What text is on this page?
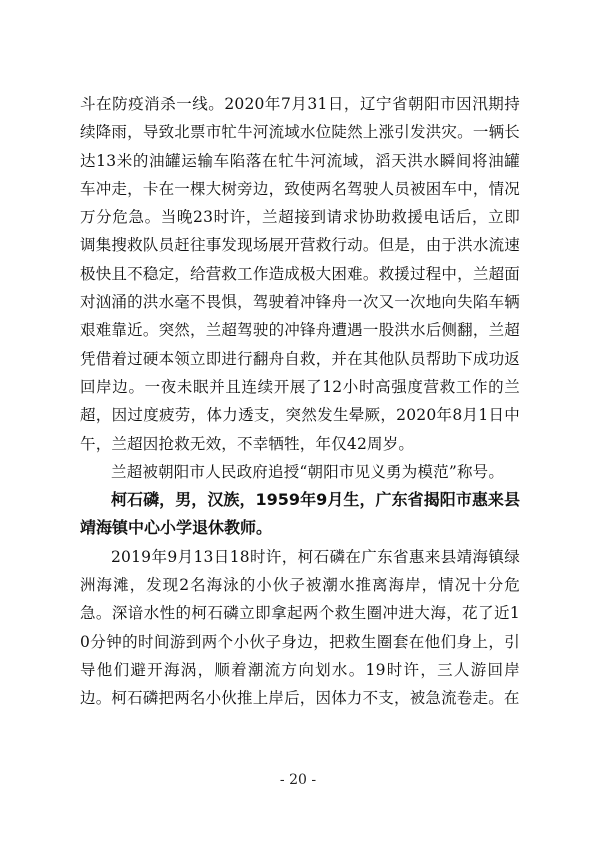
斗在防疫消杀一线。2020年7月31日，辽宁省朝阳市因汛期持续降雨，导致北票市牤牛河流域水位陡然上涨引发洪灾。一辆长达13米的油罐运输车陷落在牤牛河流域，滔天洪水瞬间将油罐车冲走，卡在一棵大树旁边，致使两名驾驶人员被困车中，情况万分危急。当晚23时许，兰超接到请求协助救援电话后，立即调集搜救队员赶往事发现场展开营救行动。但是，由于洪水流速极快且不稳定，给营救工作造成极大困难。救援过程中，兰超面对汹涌的洪水毫不畏惧，驾驶着冲锋舟一次又一次地向失陷车辆艰难靠近。突然，兰超驾驶的冲锋舟遭遇一股洪水后侧翻，兰超凭借着过硬本领立即进行翻舟自救，并在其他队员帮助下成功返回岸边。一夜未眠并且连续开展了12小时高强度营救工作的兰超，因过度疲劳，体力透支，突然发生晕厥，2020年8月1日中午，兰超因抢救无效，不幸牺牲，年仅42周岁。

兰超被朝阳市人民政府追授“朝阳市见义勇为模范”称号。

柯石磷，男，汉族，1959年9月生，广东省揭阳市惠来县靖海镇中心小学退休教师。

2019年9月13日18时许，柯石磷在广东省惠来县靖海镇绿洲海滩，发现2名海泳的小伙子被潮水推离海岸，情况十分危急。深谙水性的柯石磷立即拿起两个救生圈冲进大海，花了近10分钟的时间游到两个小伙子身边，把救生圈套在他们身上，引导他们避开海涡，顺着潮流方向划水。19时许，三人游回岸边。柯石磷把两名小伙推上岸后，因体力不支，被急流卷走。在

- 20 -
